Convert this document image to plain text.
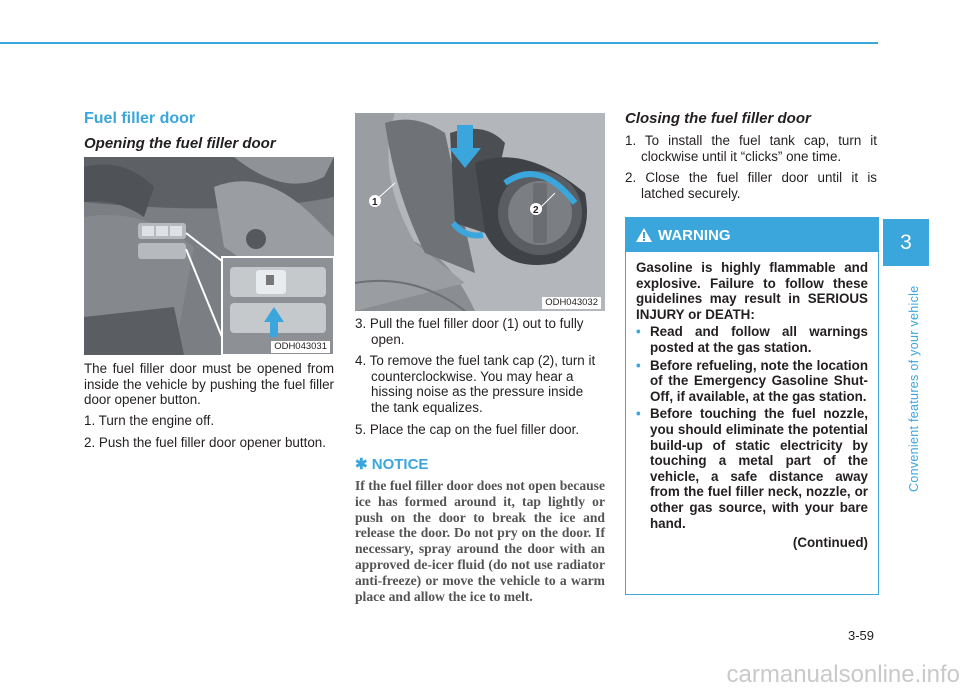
Fuel filler door
Opening the fuel filler door
ODH043031
The fuel filler door must be opened from inside the vehicle by pushing the fuel filler door opener button.
1. Turn the engine off.
2. Push the fuel filler door opener button.
1
2
ODH043032
3. Pull the fuel filler door (1) out to fully open.
4. To remove the fuel tank cap (2), turn it counterclockwise. You may hear a hissing noise as the pressure inside the tank equalizes.
5. Place the cap on the fuel filler door.
✱ NOTICE
If the fuel filler door does not open because ice has formed around it, tap lightly or push on the door to break the ice and release the door. Do not pry on the door. If necessary, spray around the door with an approved de-icer fluid (do not use radiator anti-freeze) or move the vehicle to a warm place and allow the ice to melt.
Closing the fuel filler door
1. To install the fuel tank cap, turn it clockwise until it “clicks” one time.
2. Close the fuel filler door until it is latched securely.
WARNING
Gasoline is highly flammable and explosive. Failure to follow these guidelines may result in SERIOUS INJURY or DEATH:
• Read and follow all warnings posted at the gas station.
• Before refueling, note the location of the Emergency Gasoline Shut-Off, if available, at the gas station.
• Before touching the fuel nozzle, you should eliminate the potential build-up of static electricity by touching a metal part of the vehicle, a safe distance away from the fuel filler neck, nozzle, or other gas source, with your bare hand.
(Continued)
3
Convenient features of your vehicle
3-59
carmanualsonline.info
